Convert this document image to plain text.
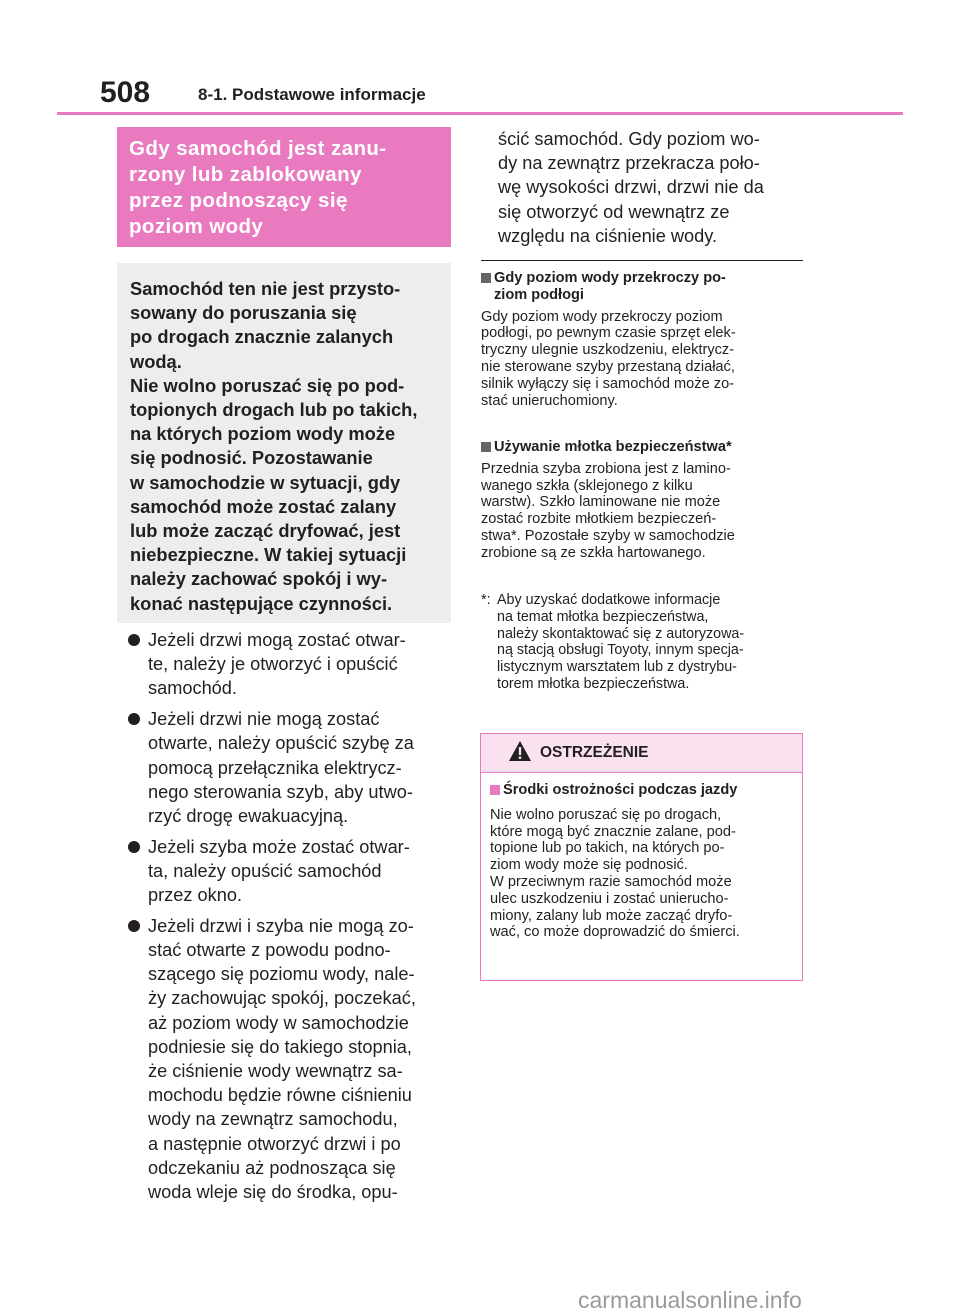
508	8-1. Podstawowe informacje
Gdy samochód jest zanu-
rzony lub zablokowany
przez podnoszący się
poziom wody
Samochód ten nie jest przysto-
sowany do poruszania się
po drogach znacznie zalanych
wodą.
Nie wolno poruszać się po pod-
topionych drogach lub po takich,
na których poziom wody może
się podnosić. Pozostawanie
w samochodzie w sytuacji, gdy
samochód może zostać zalany
lub może zacząć dryfować, jest
niebezpieczne. W takiej sytuacji
należy zachować spokój i wy-
konać następujące czynności.
Jeżeli drzwi mogą zostać otwar-
te, należy je otworzyć i opuścić
samochód.
Jeżeli drzwi nie mogą zostać
otwarte, należy opuścić szybę za
pomocą przełącznika elektrycz-
nego sterowania szyb, aby utwo-
rzyć drogę ewakuacyjną.
Jeżeli szyba może zostać otwar-
ta, należy opuścić samochód
przez okno.
Jeżeli drzwi i szyba nie mogą zo-
stać otwarte z powodu podno-
szącego się poziomu wody, nale-
ży zachowując spokój, poczekać,
aż poziom wody w samochodzie
podniesie się do takiego stopnia,
że ciśnienie wody wewnątrz sa-
mochodu będzie równe ciśnieniu
wody na zewnątrz samochodu,
a następnie otworzyć drzwi i po
odczekaniu aż podnosząca się
woda wleje się do środka, opu-
ścić samochód. Gdy poziom wo-
dy na zewnątrz przekracza poło-
wę wysokości drzwi, drzwi nie da
się otworzyć od wewnątrz ze
względu na ciśnienie wody.
Gdy poziom wody przekroczy po-
ziom podłogi
Gdy poziom wody przekroczy poziom
podłogi, po pewnym czasie sprzęt elek-
tryczny ulegnie uszkodzeniu, elektrycz-
nie sterowane szyby przestaną działać,
silnik wyłączy się i samochód może zo-
stać unieruchomiony.
Używanie młotka bezpieczeństwa*
Przednia szyba zrobiona jest z lamino-
wanego szkła (sklejonego z kilku
warstw). Szkło laminowane nie może
zostać rozbite młotkiem bezpieczeń-
stwa*. Pozostałe szyby w samochodzie
zrobione są ze szkła hartowanego.
*: Aby uzyskać dodatkowe informacje
na temat młotka bezpieczeństwa,
należy skontaktować się z autoryzowa-
ną stacją obsługi Toyoty, innym specja-
listycznym warsztatem lub z dystrybu-
torem młotka bezpieczeństwa.
OSTRZEŻENIE
Środki ostrożności podczas jazdy
Nie wolno poruszać się po drogach,
które mogą być znacznie zalane, pod-
topione lub po takich, na których po-
ziom wody może się podnosić.
W przeciwnym razie samochód może
ulec uszkodzeniu i zostać unierucho-
miony, zalany lub może zacząć dryfo-
wać, co może doprowadzić do śmierci.
carmanualsonline.info
